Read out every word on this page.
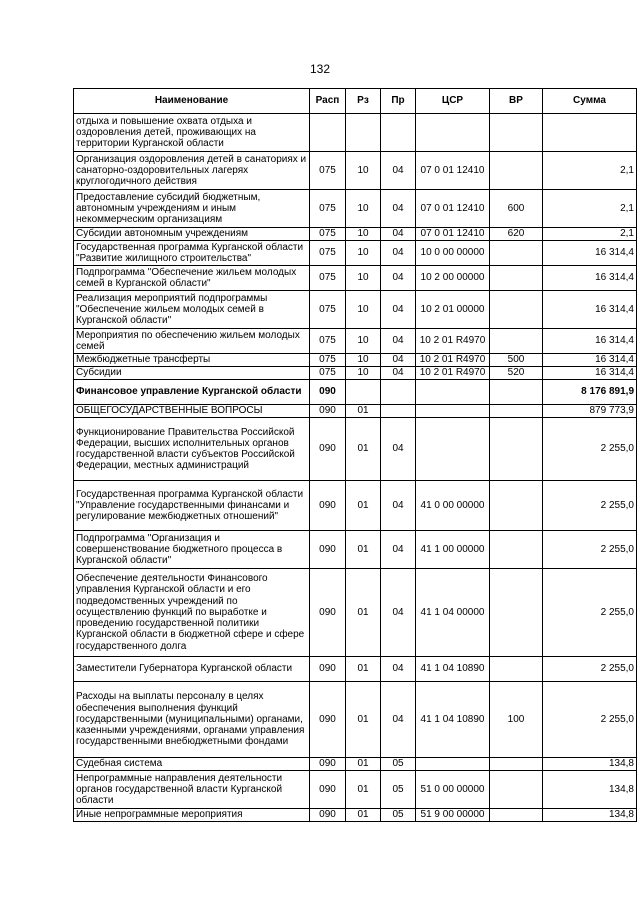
132
Наименование	Расп	Рз	Пр	ЦСР	ВР	Сумма
отдыха и повышение охвата отдыха и оздоровления детей, проживающих на территории Курганской области						
Организация оздоровления детей в санаториях и санаторно-оздоровительных лагерях круглогодичного действия	075	10	04	07 0 01 12410		2,1
Предоставление субсидий бюджетным, автономным учреждениям и иным некоммерческим организациям	075	10	04	07 0 01 12410	600	2,1
Субсидии автономным учреждениям	075	10	04	07 0 01 12410	620	2,1
Государственная программа Курганской области "Развитие жилищного строительства"	075	10	04	10 0 00 00000		16 314,4
Подпрограмма "Обеспечение жильем молодых семей в Курганской области"	075	10	04	10 2 00 00000		16 314,4
Реализация мероприятий подпрограммы "Обеспечение жильем молодых семей в Курганской области"	075	10	04	10 2 01 00000		16 314,4
Мероприятия по обеспечению жильем молодых семей	075	10	04	10 2 01 R4970		16 314,4
Межбюджетные трансферты	075	10	04	10 2 01 R4970	500	16 314,4
Субсидии	075	10	04	10 2 01 R4970	520	16 314,4
Финансовое управление Курганской области	090					8 176 891,9
ОБЩЕГОСУДАРСТВЕННЫЕ ВОПРОСЫ	090	01				879 773,9
Функционирование Правительства Российской Федерации, высших исполнительных органов государственной власти субъектов Российской Федерации, местных администраций	090	01	04			2 255,0
Государственная программа Курганской области "Управление государственными финансами и регулирование межбюджетных отношений"	090	01	04	41 0 00 00000		2 255,0
Подпрограмма "Организация и совершенствование бюджетного процесса в Курганской области"	090	01	04	41 1 00 00000		2 255,0
Обеспечение деятельности Финансового управления Курганской области и его подведомственных учреждений по осуществлению функций по выработке и проведению государственной политики Курганской области в бюджетной сфере и сфере государственного долга	090	01	04	41 1 04 00000		2 255,0
Заместители Губернатора Курганской области	090	01	04	41 1 04 10890		2 255,0
Расходы на выплаты персоналу в целях обеспечения выполнения функций государственными (муниципальными) органами, казенными учреждениями, органами управления государственными внебюджетными фондами	090	01	04	41 1 04 10890	100	2 255,0
Судебная система	090	01	05			134,8
Непрограммные направления деятельности органов государственной власти Курганской области	090	01	05	51 0 00 00000		134,8
Иные непрограммные мероприятия	090	01	05	51 9 00 00000		134,8
